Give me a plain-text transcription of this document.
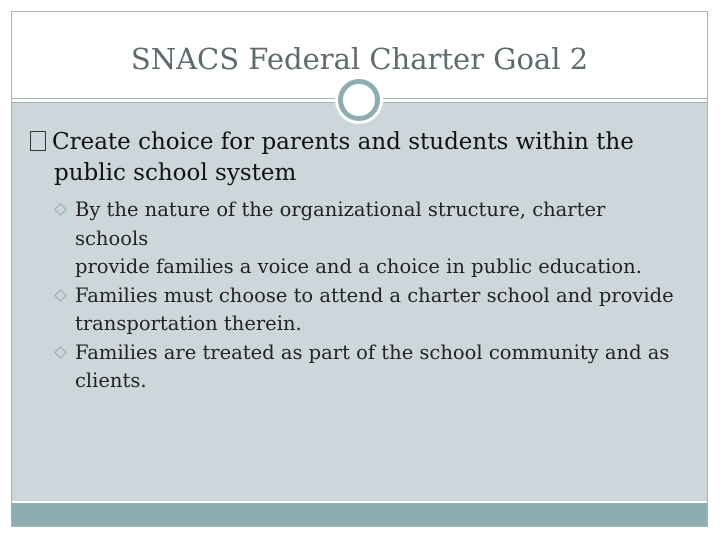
SNACS Federal Charter Goal 2
Create choice for parents and students within the
public school system
By the nature of the organizational structure, charter schools
provide families a voice and a choice in public education.
Families must choose to attend a charter school and provide
transportation therein.
Families are treated as part of the school community and as
clients.
